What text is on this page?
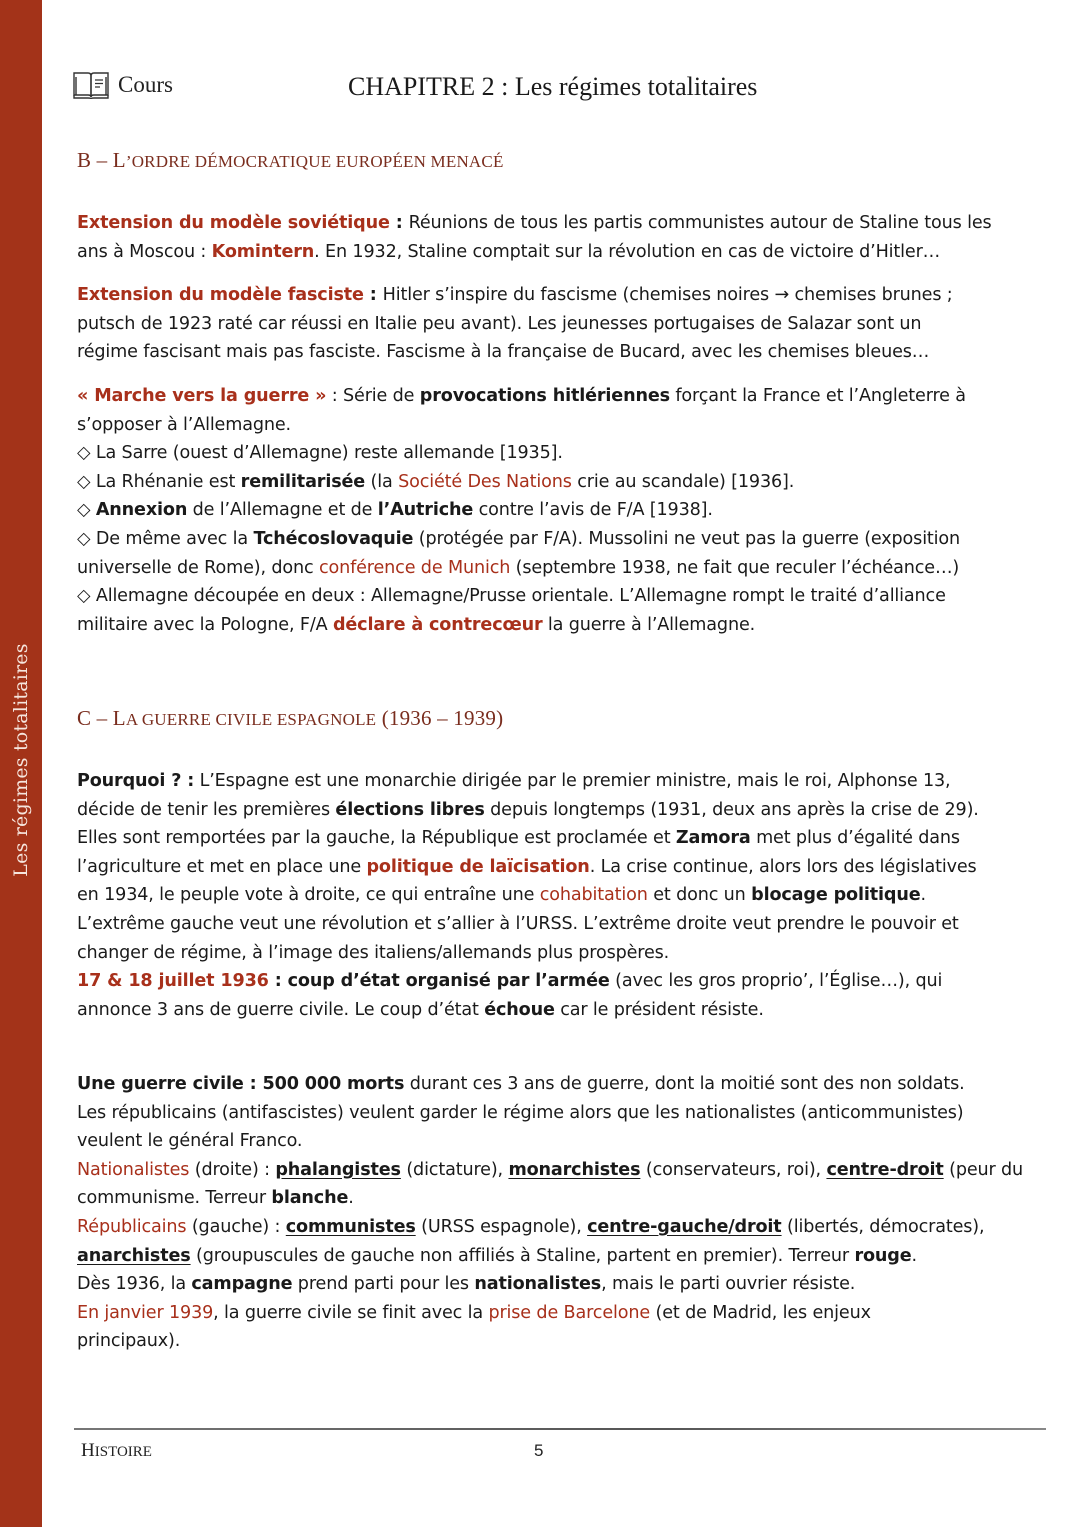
Les régimes totalitaires
Cours	CHAPITRE 2 : Les régimes totalitaires
B – L’ORDRE DÉMOCRATIQUE EUROPÉEN MENACÉ
C – LA GUERRE CIVILE ESPAGNOLE (1936 – 1939)
Extension du modèle soviétique : Réunions de tous les partis communistes autour de Staline tous les
ans à Moscou : Komintern. En 1932, Staline comptait sur la révolution en cas de victoire d’Hitler…
Extension du modèle fasciste : Hitler s’inspire du fascisme (chemises noires → chemises brunes ;
putsch de 1923 raté car réussi en Italie peu avant). Les jeunesses portugaises de Salazar sont un
régime fascisant mais pas fasciste. Fascisme à la française de Bucard, avec les chemises bleues…
« Marche vers la guerre » : Série de provocations hitlériennes forçant la France et l’Angleterre à
s’opposer à l’Allemagne.
◇ La Sarre (ouest d’Allemagne) reste allemande [1935].
◇ La Rhénanie est remilitarisée (la Société Des Nations crie au scandale) [1936].
◇ Annexion de l’Allemagne et de l’Autriche contre l’avis de F/A [1938].
◇ De même avec la Tchécoslovaquie (protégée par F/A). Mussolini ne veut pas la guerre (exposition
universelle de Rome), donc conférence de Munich (septembre 1938, ne fait que reculer l’échéance…)
◇ Allemagne découpée en deux : Allemagne/Prusse orientale. L’Allemagne rompt le traité d’alliance
militaire avec la Pologne, F/A déclare à contrecœur la guerre à l’Allemagne.
Pourquoi ? : L’Espagne est une monarchie dirigée par le premier ministre, mais le roi, Alphonse 13,
décide de tenir les premières élections libres depuis longtemps (1931, deux ans après la crise de 29).
Elles sont remportées par la gauche, la République est proclamée et Zamora met plus d’égalité dans
l’agriculture et met en place une politique de laïcisation. La crise continue, alors lors des législatives
en 1934, le peuple vote à droite, ce qui entraîne une cohabitation et donc un blocage politique.
L’extrême gauche veut une révolution et s’allier à l’URSS. L’extrême droite veut prendre le pouvoir et
changer de régime, à l’image des italiens/allemands plus prospères.
17 & 18 juillet 1936 : coup d’état organisé par l’armée (avec les gros proprio’, l’Église…), qui
annonce 3 ans de guerre civile. Le coup d’état échoue car le président résiste.
Une guerre civile : 500 000 morts durant ces 3 ans de guerre, dont la moitié sont des non soldats.
Les républicains (antifascistes) veulent garder le régime alors que les nationalistes (anticommunistes)
veulent le général Franco.
Nationalistes (droite) : phalangistes (dictature), monarchistes (conservateurs, roi), centre-droit (peur du
communisme. Terreur blanche.
Républicains (gauche) : communistes (URSS espagnole), centre-gauche/droit (libertés, démocrates),
anarchistes (groupuscules de gauche non affiliés à Staline, partent en premier). Terreur rouge.
Dès 1936, la campagne prend parti pour les nationalistes, mais le parti ouvrier résiste.
En janvier 1939, la guerre civile se finit avec la prise de Barcelone (et de Madrid, les enjeux
principaux).
HISTOIRE	5
